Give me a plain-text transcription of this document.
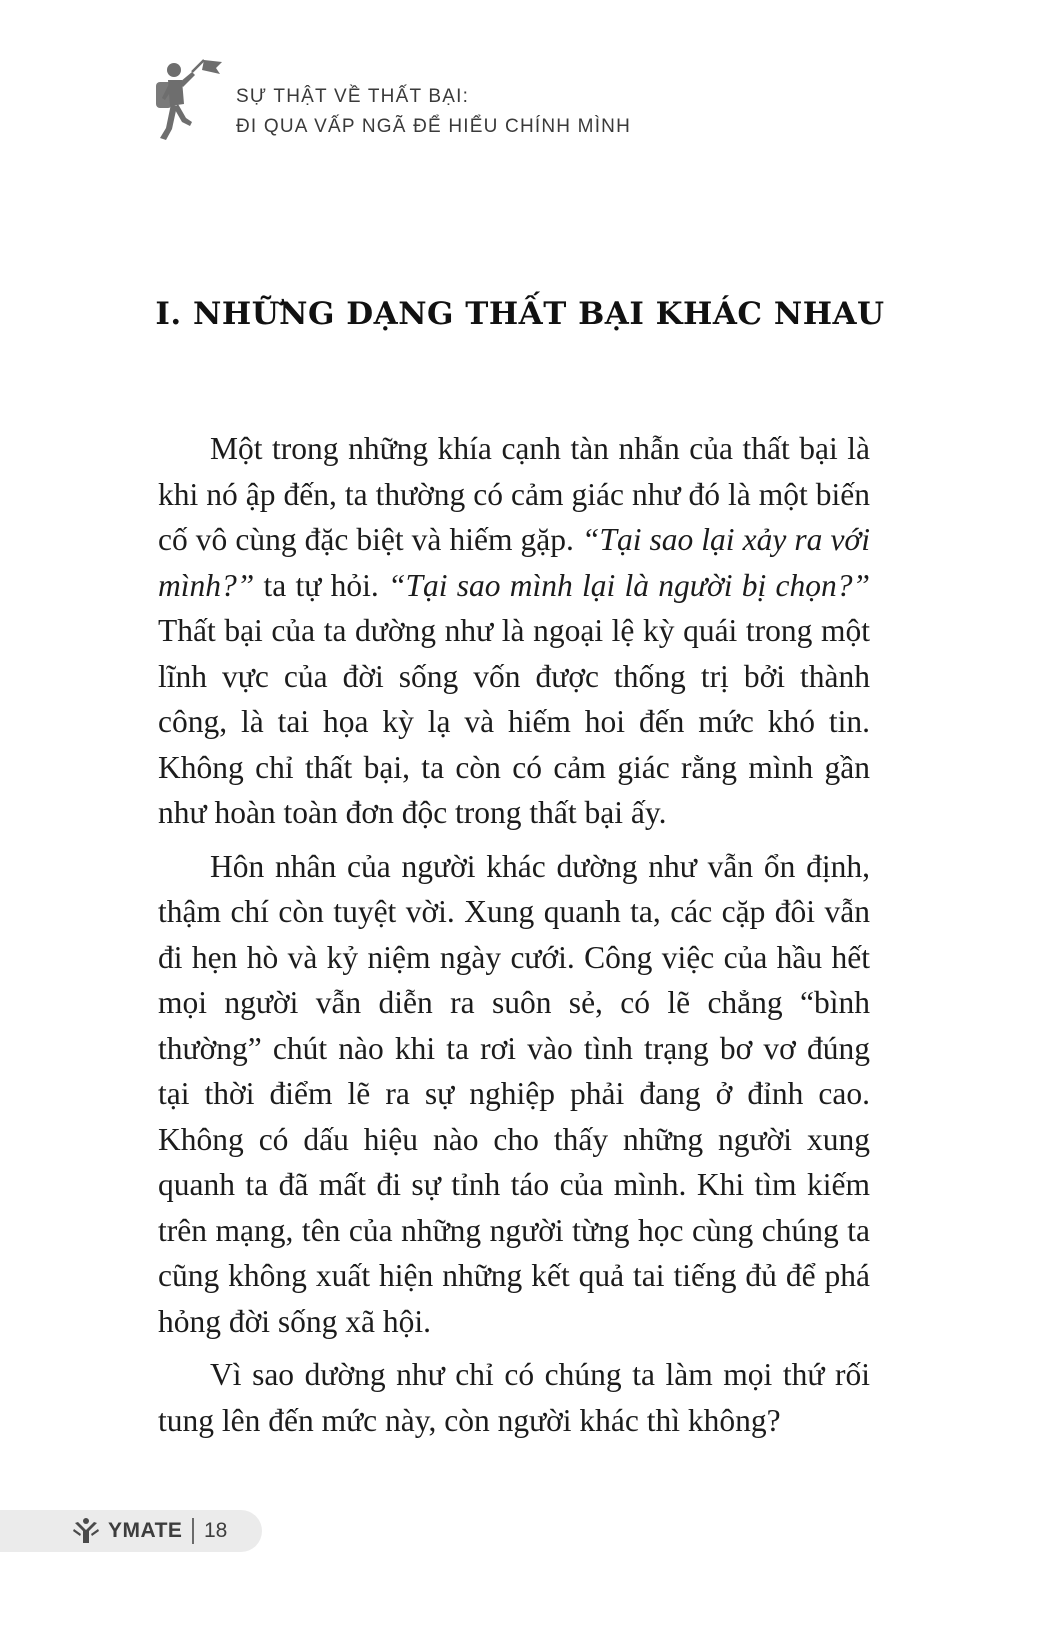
SỰ THẬT VỀ THẤT BẠI:
ĐI QUA VẤP NGÃ ĐỂ HIỂU CHÍNH MÌNH
I. NHỮNG DẠNG THẤT BẠI KHÁC NHAU

Một trong những khía cạnh tàn nhẫn của thất bại là khi nó ập đến, ta thường có cảm giác như đó là một biến cố vô cùng đặc biệt và hiếm gặp. “Tại sao lại xảy ra với mình?” ta tự hỏi. “Tại sao mình lại là người bị chọn?” Thất bại của ta dường như là ngoại lệ kỳ quái trong một lĩnh vực của đời sống vốn được thống trị bởi thành công, là tai họa kỳ lạ và hiếm hoi đến mức khó tin. Không chỉ thất bại, ta còn có cảm giác rằng mình gần như hoàn toàn đơn độc trong thất bại ấy.

Hôn nhân của người khác dường như vẫn ổn định, thậm chí còn tuyệt vời. Xung quanh ta, các cặp đôi vẫn đi hẹn hò và kỷ niệm ngày cưới. Công việc của hầu hết mọi người vẫn diễn ra suôn sẻ, có lẽ chẳng “bình thường” chút nào khi ta rơi vào tình trạng bơ vơ đúng tại thời điểm lẽ ra sự nghiệp phải đang ở đỉnh cao. Không có dấu hiệu nào cho thấy những người xung quanh ta đã mất đi sự tỉnh táo của mình. Khi tìm kiếm trên mạng, tên của những người từng học cùng chúng ta cũng không xuất hiện những kết quả tai tiếng đủ để phá hỏng đời sống xã hội.

Vì sao dường như chỉ có chúng ta làm mọi thứ rối tung lên đến mức này, còn người khác thì không?

YMATE 18
